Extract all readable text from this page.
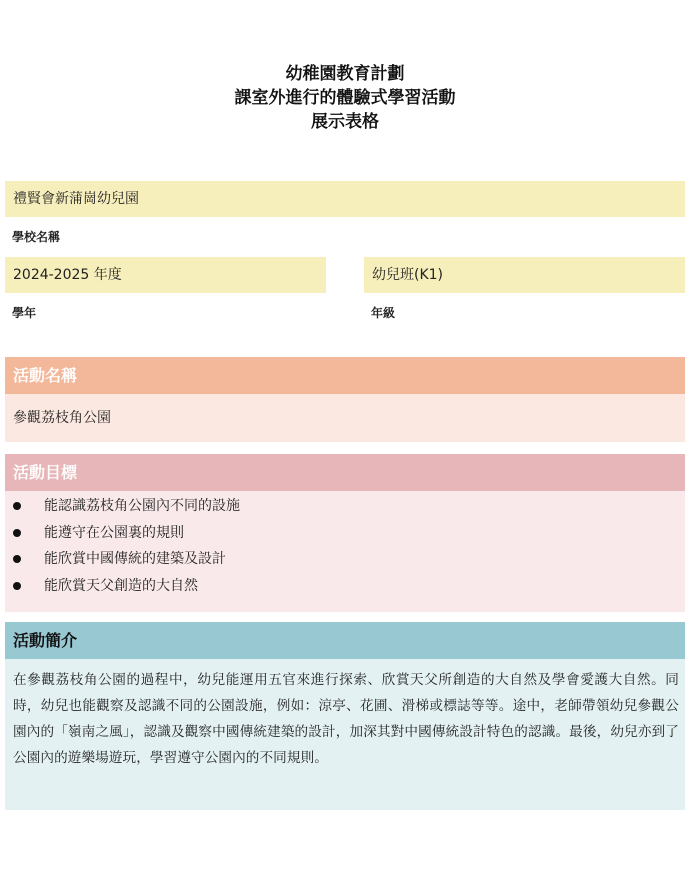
幼稚園教育計劃
課室外進行的體驗式學習活動
展示表格
禮賢會新蒲崗幼兒園
學校名稱
2024-2025 年度
學年
幼兒班(K1)
年級
活動名稱
參觀荔枝角公園
活動目標
能認識荔枝角公園內不同的設施
能遵守在公園裏的規則
能欣賞中國傳統的建築及設計
能欣賞天父創造的大自然
活動簡介
在參觀荔枝角公園的過程中，幼兒能運用五官來進行探索、欣賞天父所創造的大自然及學會愛護大自然。同時，幼兒也能觀察及認識不同的公園設施，例如：涼亭、花圃、滑梯或標誌等等。途中，老師帶領幼兒參觀公園內的「嶺南之風」，認識及觀察中國傳統建築的設計，加深其對中國傳統設計特色的認識。最後，幼兒亦到了公園內的遊樂場遊玩，學習遵守公園內的不同規則。
